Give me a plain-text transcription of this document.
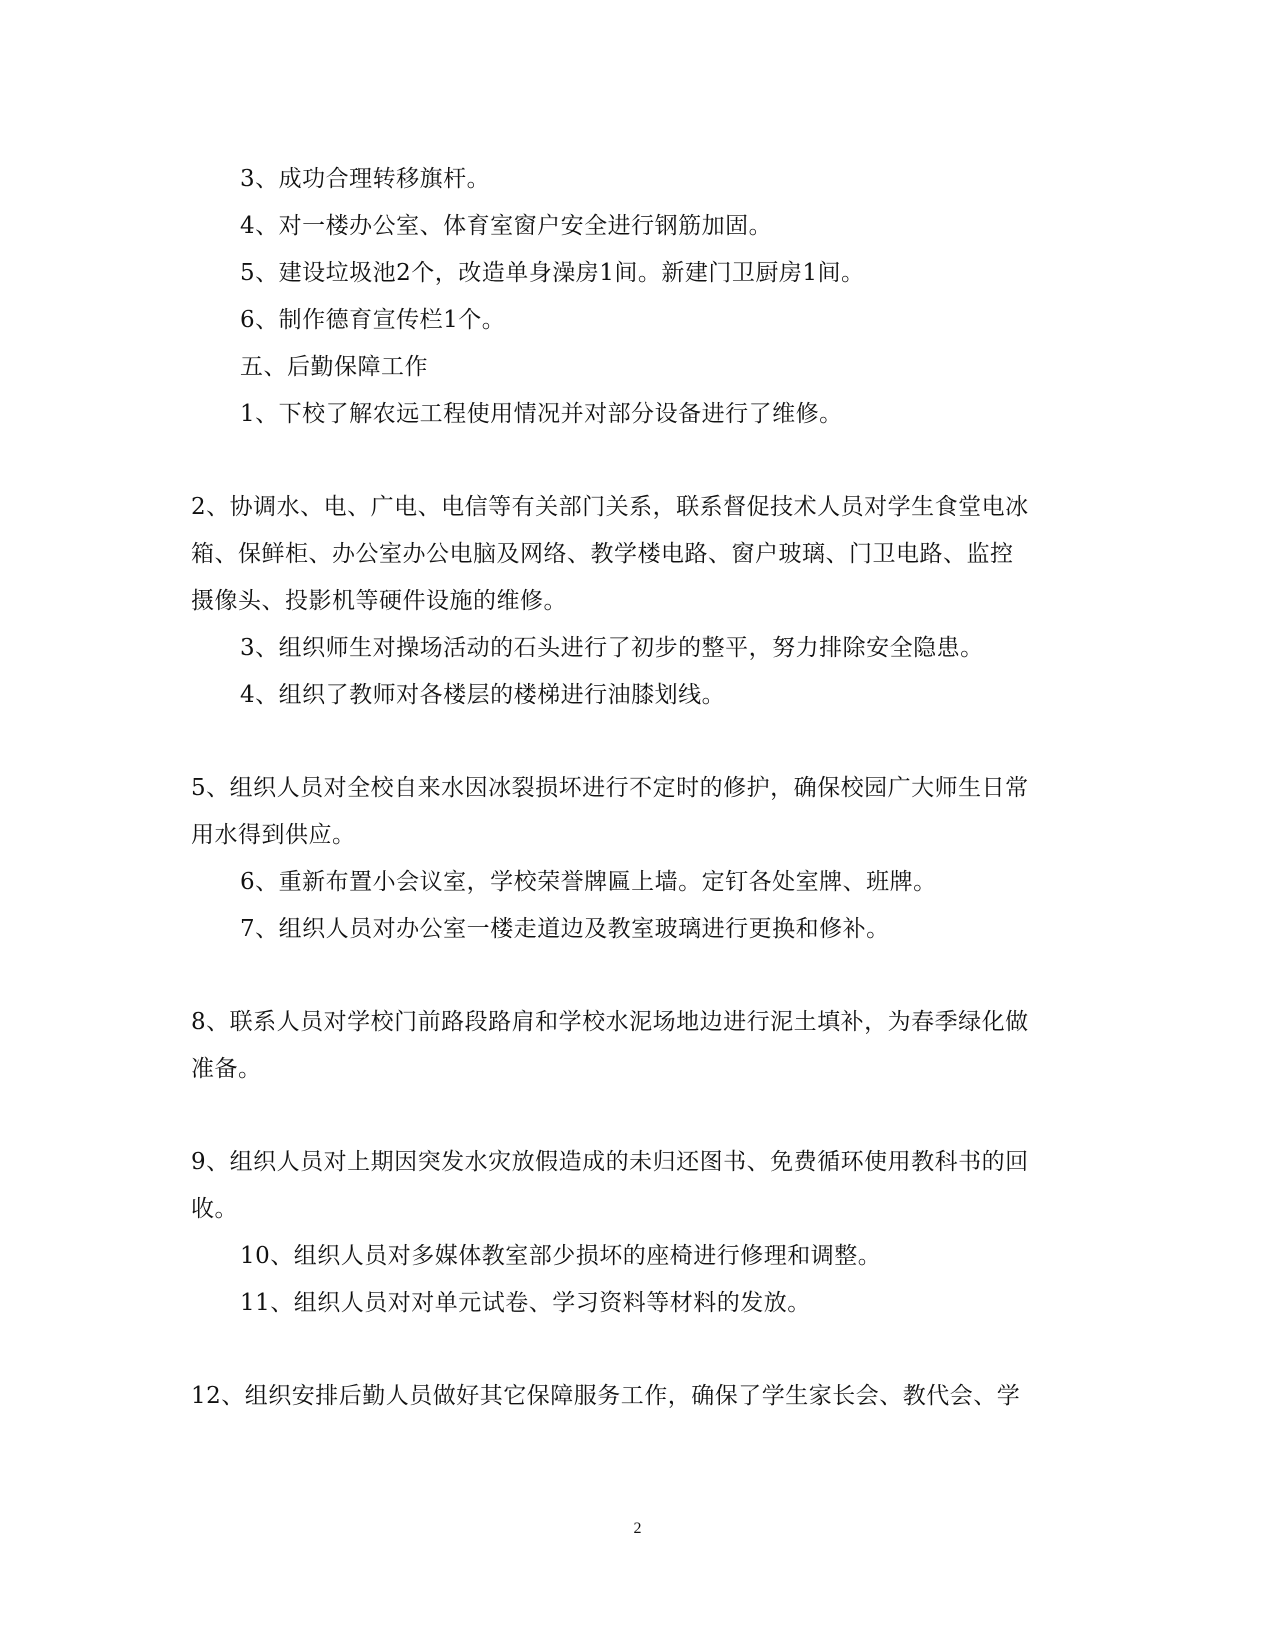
3、成功合理转移旗杆。
4、对一楼办公室、体育室窗户安全进行钢筋加固。
5、建设垃圾池2个，改造单身澡房1间。新建门卫厨房1间。
6、制作德育宣传栏1个。
五、后勤保障工作
1、下校了解农远工程使用情况并对部分设备进行了维修。
2、协调水、电、广电、电信等有关部门关系，联系督促技术人员对学生食堂电冰
箱、保鲜柜、办公室办公电脑及网络、教学楼电路、窗户玻璃、门卫电路、监控
摄像头、投影机等硬件设施的维修。
3、组织师生对操场活动的石头进行了初步的整平，努力排除安全隐患。
4、组织了教师对各楼层的楼梯进行油膝划线。
5、组织人员对全校自来水因冰裂损坏进行不定时的修护，确保校园广大师生日常
用水得到供应。
6、重新布置小会议室，学校荣誉牌匾上墙。定钉各处室牌、班牌。
7、组织人员对办公室一楼走道边及教室玻璃进行更换和修补。
8、联系人员对学校门前路段路肩和学校水泥场地边进行泥土填补，为春季绿化做
准备。
9、组织人员对上期因突发水灾放假造成的未归还图书、免费循环使用教科书的回
收。
10、组织人员对多媒体教室部少损坏的座椅进行修理和调整。
11、组织人员对对单元试卷、学习资料等材料的发放。
12、组织安排后勤人员做好其它保障服务工作，确保了学生家长会、教代会、学
2
